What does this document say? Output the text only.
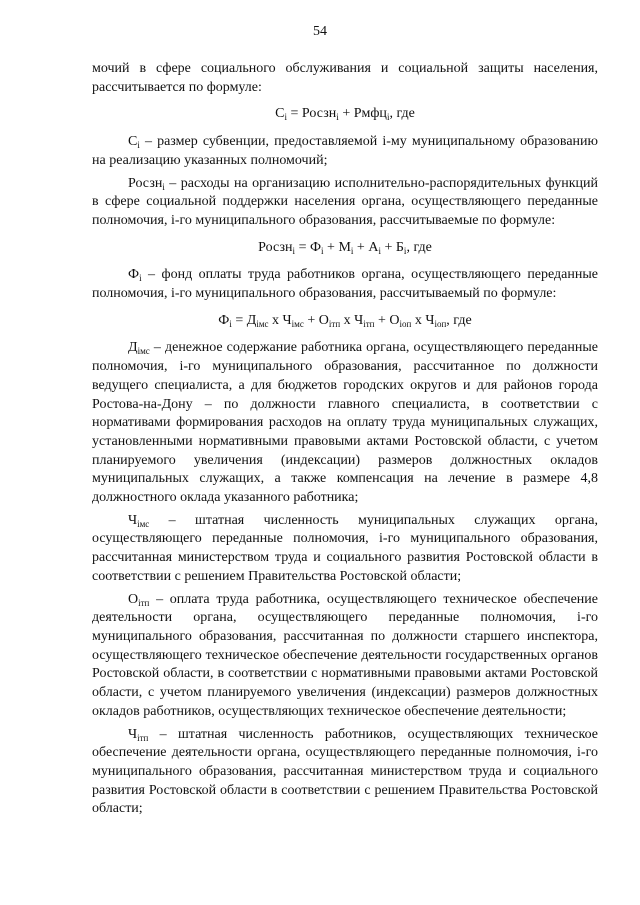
54

мочий в сфере социального обслуживания и социальной защиты населения, рассчитывается по формуле:

$С_i$ = Росзн$_i$ + Рмфц$_i$, где

$С_i$ – размер субвенции, предоставляемой i-му муниципальному образованию на реализацию указанных полномочий;

Росзн$_i$ – расходы на организацию исполнительно-распорядительных функций в сфере социальной поддержки населения органа, осуществляющего переданные полномочия, i-го муниципального образования, рассчитываемые по формуле:

Росзн$_i$ = $Ф_i + М_i + А_i + Б_i$, где

$Ф_i$ – фонд оплаты труда работников органа, осуществляющего переданные полномочия, i-го муниципального образования, рассчитываемый по формуле:

$Ф_i = Д_{iмс}$ х $Ч_{iмс} + О_{iтп}$ х $Ч_{iтп} + О_{iоп}$ х $Ч_{iоп}$, где

$Д_{iмс}$ – денежное содержание работника органа, осуществляющего переданные полномочия, i-го муниципального образования, рассчитанное по должности ведущего специалиста, а для бюджетов городских округов и для районов города Ростова-на-Дону – по должности главного специалиста, в соответствии с нормативами формирования расходов на оплату труда муниципальных служащих, установленными нормативными правовыми актами Ростовской области, с учетом планируемого увеличения (индексации) размеров должностных окладов муниципальных служащих, а также компенсация на лечение в размере 4,8 должностного оклада указанного работника;

$Ч_{iмс}$ – штатная численность муниципальных служащих органа, осуществляющего переданные полномочия, i-го муниципального образования, рассчитанная министерством труда и социального развития Ростовской области в соответствии с решением Правительства Ростовской области;

$О_{iтп}$ – оплата труда работника, осуществляющего техническое обеспечение деятельности органа, осуществляющего переданные полномочия, i-го муниципального образования, рассчитанная по должности старшего инспектора, осуществляющего техническое обеспечение деятельности государственных органов Ростовской области, в соответствии с нормативными правовыми актами Ростовской области, с учетом планируемого увеличения (индексации) размеров должностных окладов работников, осуществляющих техническое обеспечение деятельности;

$Ч_{iтп}$ – штатная численность работников, осуществляющих техническое обеспечение деятельности органа, осуществляющего переданные полномочия, i-го муниципального образования, рассчитанная министерством труда и социального развития Ростовской области в соответствии с решением Правительства Ростовской области;
